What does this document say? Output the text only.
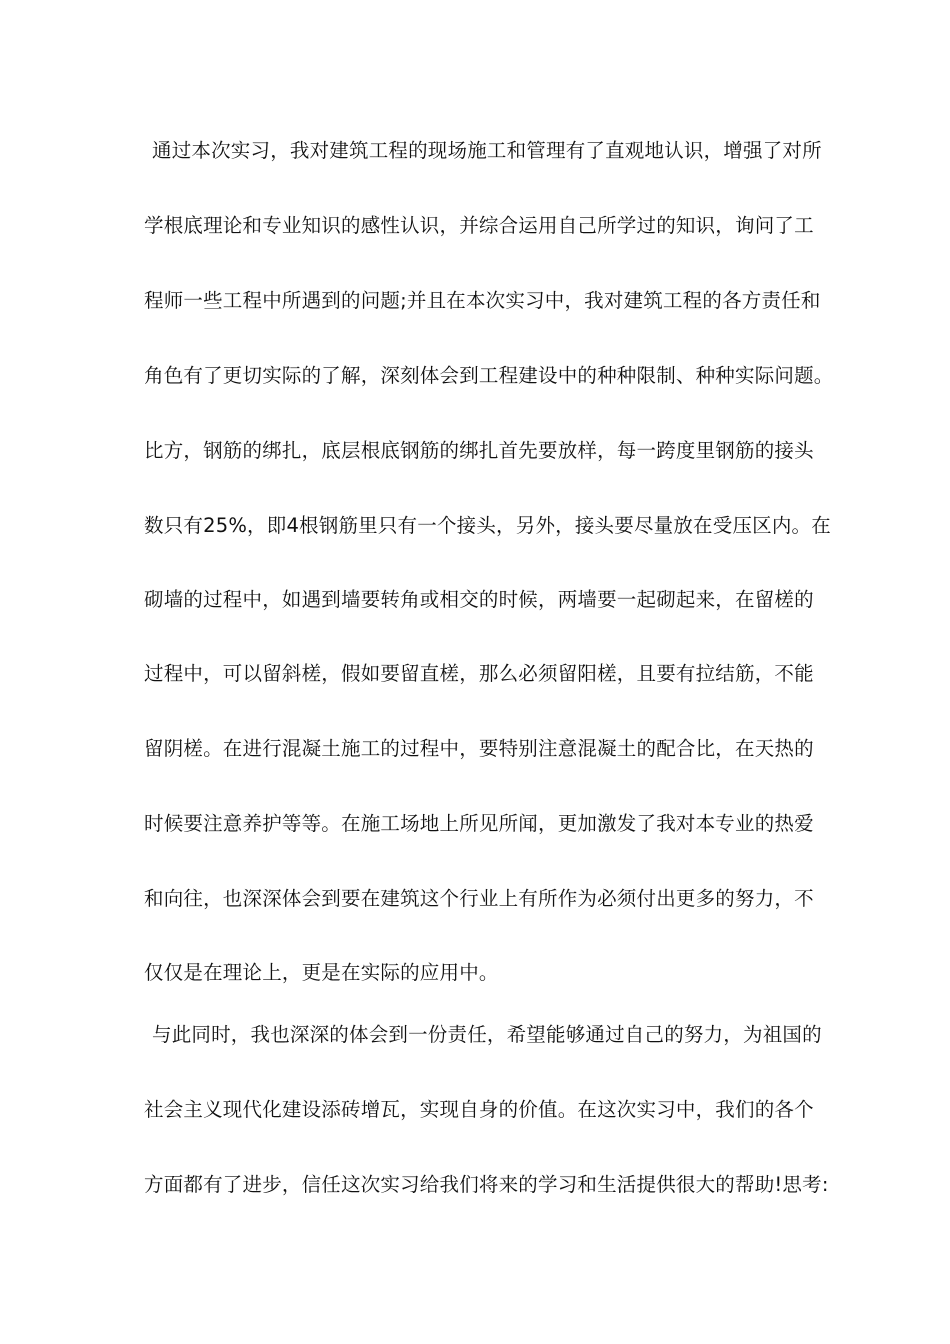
通过本次实习，我对建筑工程的现场施工和管理有了直观地认识，增强了对所
学根底理论和专业知识的感性认识，并综合运用自己所学过的知识，询问了工
程师一些工程中所遇到的问题;并且在本次实习中，我对建筑工程的各方责任和
角色有了更切实际的了解，深刻体会到工程建设中的种种限制、种种实际问题。
比方，钢筋的绑扎，底层根底钢筋的绑扎首先要放样，每一跨度里钢筋的接头
数只有25%，即4根钢筋里只有一个接头，另外，接头要尽量放在受压区内。在
砌墙的过程中，如遇到墙要转角或相交的时候，两墙要一起砌起来，在留槎的
过程中，可以留斜槎，假如要留直槎，那么必须留阳槎，且要有拉结筋，不能
留阴槎。在进行混凝土施工的过程中，要特别注意混凝土的配合比，在天热的
时候要注意养护等等。在施工场地上所见所闻，更加激发了我对本专业的热爱
和向往，也深深体会到要在建筑这个行业上有所作为必须付出更多的努力，不
仅仅是在理论上，更是在实际的应用中。
与此同时，我也深深的体会到一份责任，希望能够通过自己的努力，为祖国的
社会主义现代化建设添砖增瓦，实现自身的价值。在这次实习中，我们的各个
方面都有了进步，信任这次实习给我们将来的学习和生活提供很大的帮助!思考:
